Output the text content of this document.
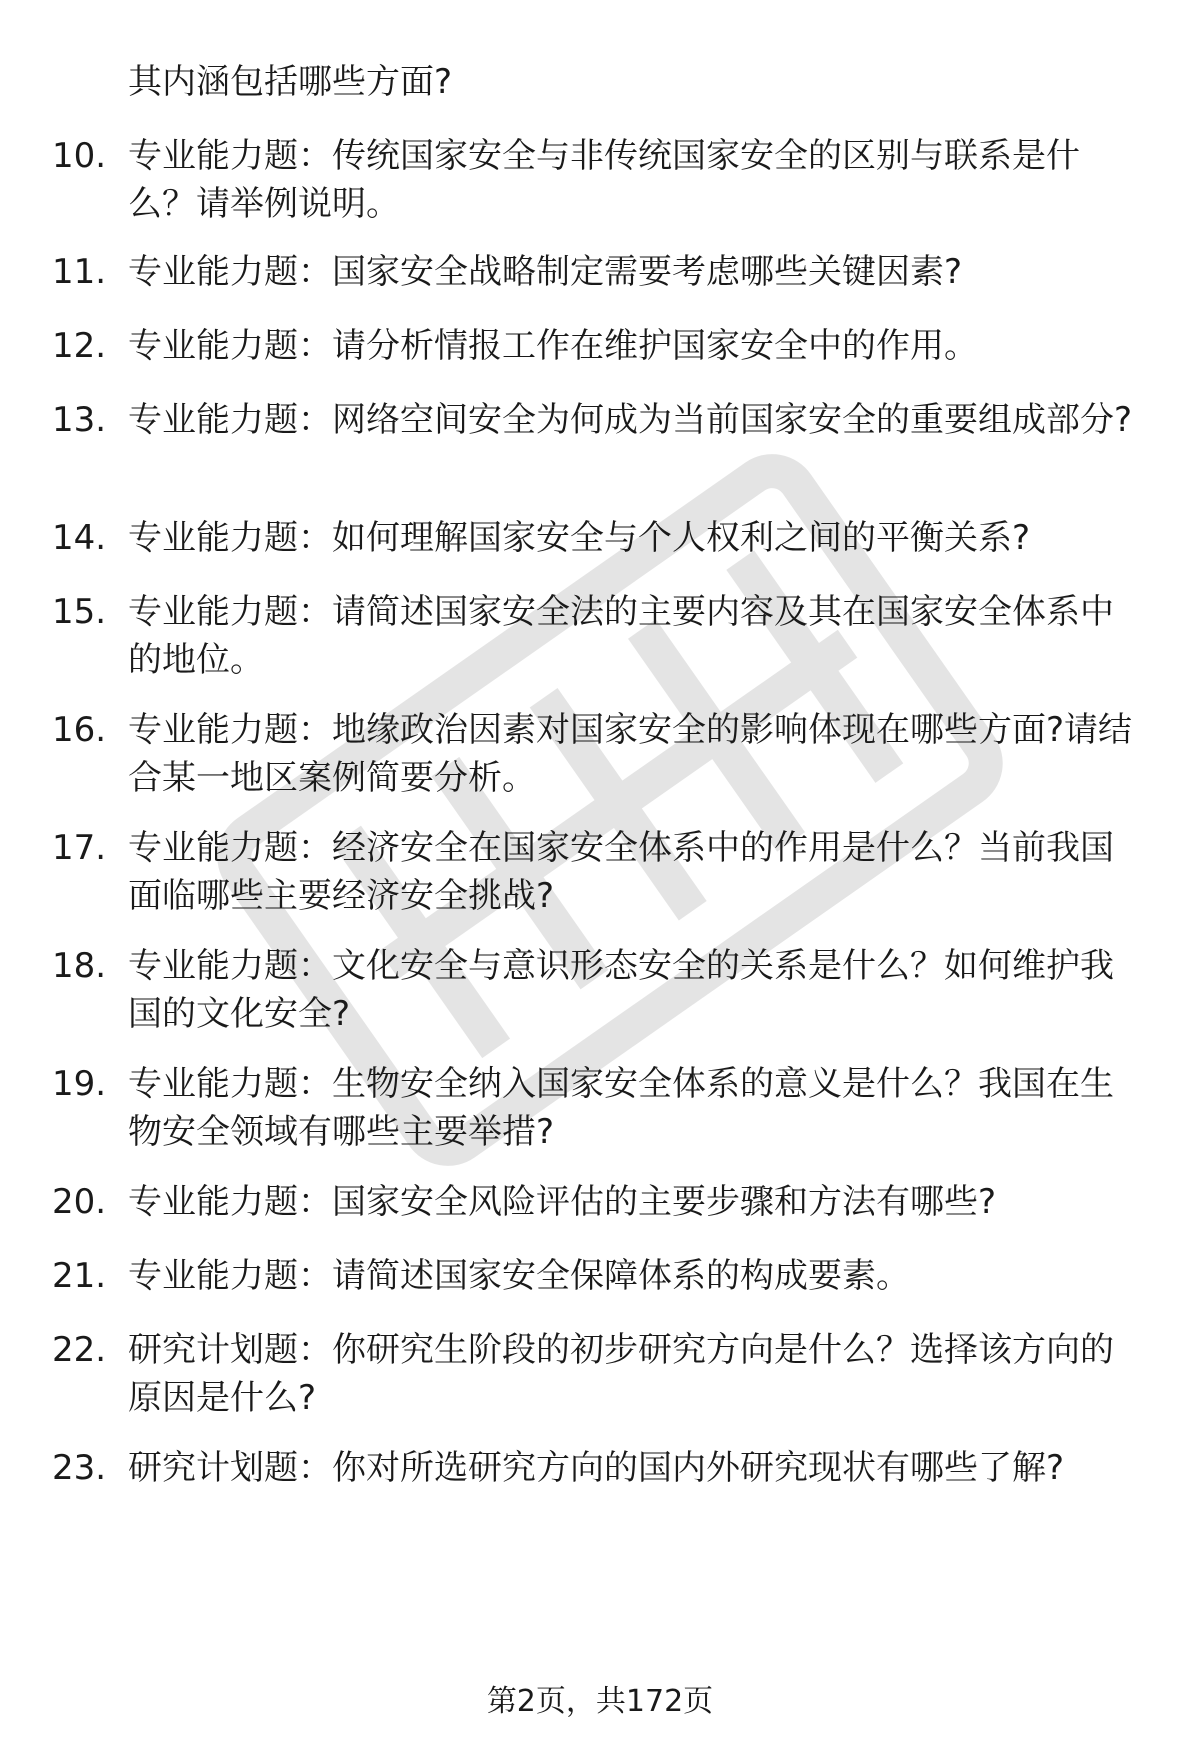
其内涵包括哪些方面?
10. 专业能力题：传统国家安全与非传统国家安全的区别与联系是什么？请举例说明。
11. 专业能力题：国家安全战略制定需要考虑哪些关键因素?
12. 专业能力题：请分析情报工作在维护国家安全中的作用。
13. 专业能力题：网络空间安全为何成为当前国家安全的重要组成部分?
14. 专业能力题：如何理解国家安全与个人权利之间的平衡关系?
15. 专业能力题：请简述国家安全法的主要内容及其在国家安全体系中的地位。
16. 专业能力题：地缘政治因素对国家安全的影响体现在哪些方面?请结合某一地区案例简要分析。
17. 专业能力题：经济安全在国家安全体系中的作用是什么？当前我国面临哪些主要经济安全挑战?
18. 专业能力题：文化安全与意识形态安全的关系是什么？如何维护我国的文化安全?
19. 专业能力题：生物安全纳入国家安全体系的意义是什么？我国在生物安全领域有哪些主要举措?
20. 专业能力题：国家安全风险评估的主要步骤和方法有哪些?
21. 专业能力题：请简述国家安全保障体系的构成要素。
22. 研究计划题：你研究生阶段的初步研究方向是什么？选择该方向的原因是什么?
23. 研究计划题：你对所选研究方向的国内外研究现状有哪些了解?
第2页，共172页
